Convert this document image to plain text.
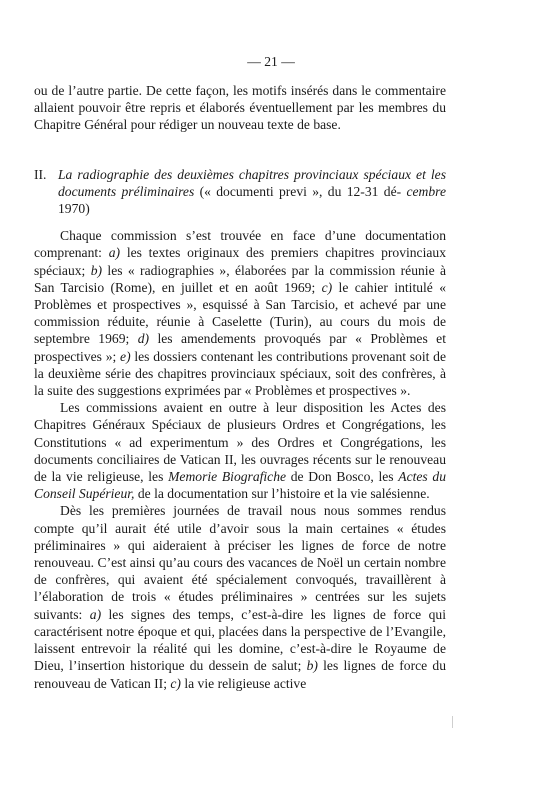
— 21 —

ou de l’autre partie. De cette façon, les motifs insérés dans le commentaire allaient pouvoir être repris et élaborés éventuellement par les membres du Chapitre Général pour rédiger un nouveau texte de base.

II. La radiographie des deuxièmes chapitres provinciaux spéciaux et les documents préliminaires (« documenti previ », du 12-31 dé- cembre 1970)

Chaque commission s’est trouvée en face d’une documentation comprenant: a) les textes originaux des premiers chapitres provinciaux spéciaux; b) les « radiographies », élaborées par la commission réunie à San Tarcisio (Rome), en juillet et en août 1969; c) le cahier intitulé « Problèmes et prospectives », esquissé à San Tarcisio, et achevé par une commission réduite, réunie à Caselette (Turin), au cours du mois de septembre 1969; d) les amendements provoqués par « Problèmes et prospectives »; e) les dossiers contenant les contributions provenant soit de la deuxième série des chapitres provinciaux spéciaux, soit des confrères, à la suite des suggestions exprimées par « Problèmes et prospectives ».

Les commissions avaient en outre à leur disposition les Actes des Chapitres Généraux Spéciaux de plusieurs Ordres et Congrégations, les Constitutions « ad experimentum » des Ordres et Congrégations, les documents conciliaires de Vatican II, les ouvrages récents sur le renouveau de la vie religieuse, les Memorie Biografiche de Don Bosco, les Actes du Conseil Supérieur, de la documentation sur l’histoire et la vie salésienne.

Dès les premières journées de travail nous nous sommes rendus compte qu’il aurait été utile d’avoir sous la main certaines « études préliminaires » qui aideraient à préciser les lignes de force de notre renouveau. C’est ainsi qu’au cours des vacances de Noël un certain nombre de confrères, qui avaient été spécialement convoqués, travaillèrent à l’élaboration de trois « études préliminaires » centrées sur les sujets suivants: a) les signes des temps, c’est-à-dire les lignes de force qui caractérisent notre époque et qui, placées dans la perspective de l’Evangile, laissent entrevoir la réalité qui les domine, c’est-à-dire le Royaume de Dieu, l’insertion historique du dessein de salut; b) les lignes de force du renouveau de Vatican II; c) la vie religieuse active
